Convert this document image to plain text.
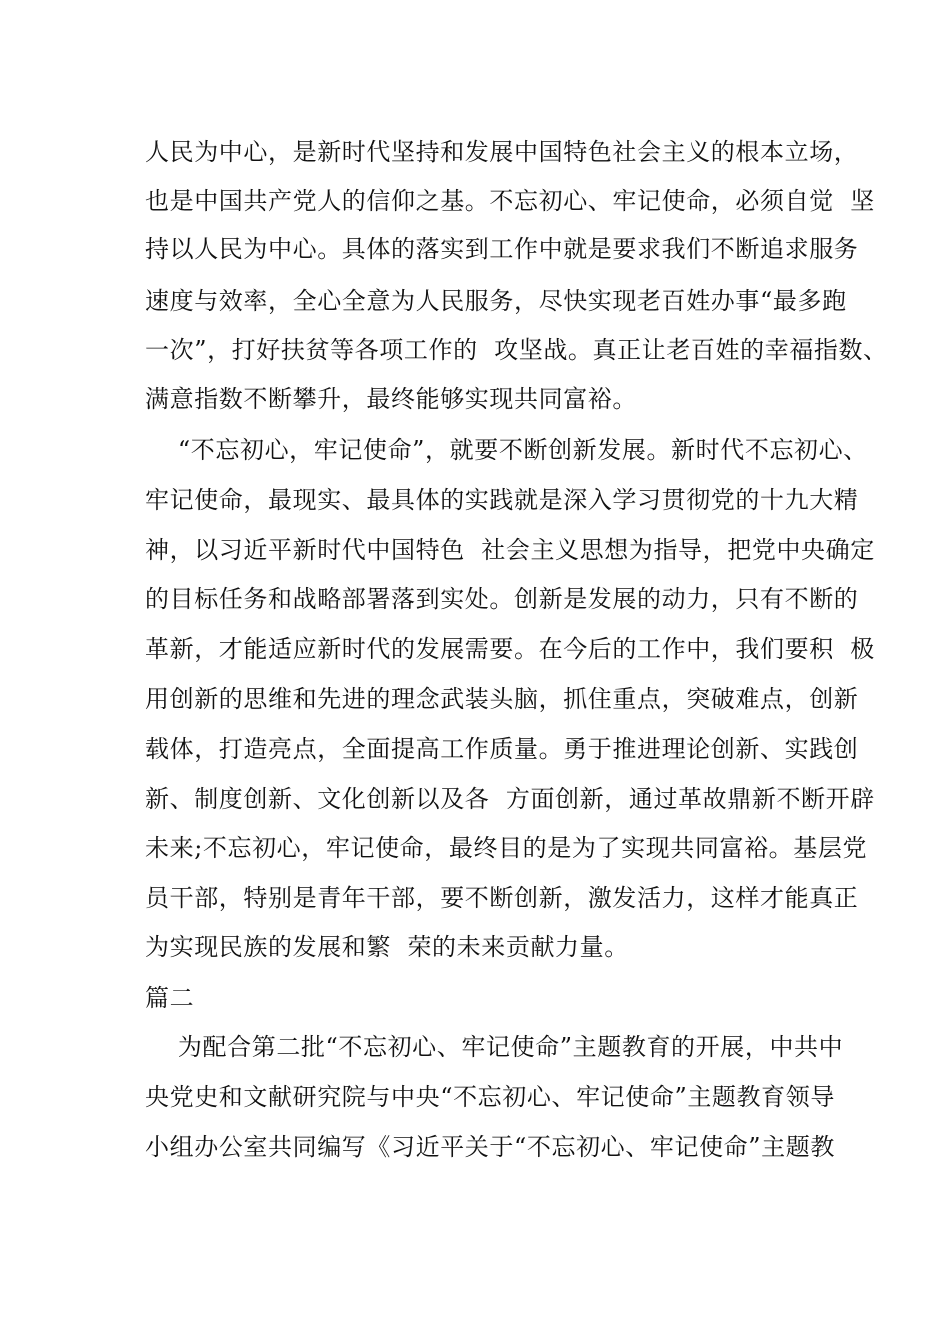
人民为中心，是新时代坚持和发展中国特色社会主义的根本立场，
也是中国共产党人的信仰之基。不忘初心、牢记使命，必须自觉  坚
持以人民为中心。具体的落实到工作中就是要求我们不断追求服务
速度与效率，全心全意为人民服务，尽快实现老百姓办事“最多跑
一次”，打好扶贫等各项工作的  攻坚战。真正让老百姓的幸福指数、
满意指数不断攀升，最终能够实现共同富裕。
“不忘初心，牢记使命”，就要不断创新发展。新时代不忘初心、
牢记使命，最现实、最具体的实践就是深入学习贯彻党的十九大精
神，以习近平新时代中国特色  社会主义思想为指导，把党中央确定
的目标任务和战略部署落到实处。创新是发展的动力，只有不断的
革新，才能适应新时代的发展需要。在今后的工作中，我们要积  极
用创新的思维和先进的理念武装头脑，抓住重点，突破难点，创新
载体，打造亮点，全面提高工作质量。勇于推进理论创新、实践创
新、制度创新、文化创新以及各  方面创新，通过革故鼎新不断开辟
未来;不忘初心，牢记使命，最终目的是为了实现共同富裕。基层党
员干部，特别是青年干部，要不断创新，激发活力，这样才能真正
为实现民族的发展和繁  荣的未来贡献力量。
篇二
为配合第二批“不忘初心、牢记使命”主题教育的开展，中共中
央党史和文献研究院与中央“不忘初心、牢记使命”主题教育领导
小组办公室共同编写《习近平关于“不忘初心、牢记使命”主题教
